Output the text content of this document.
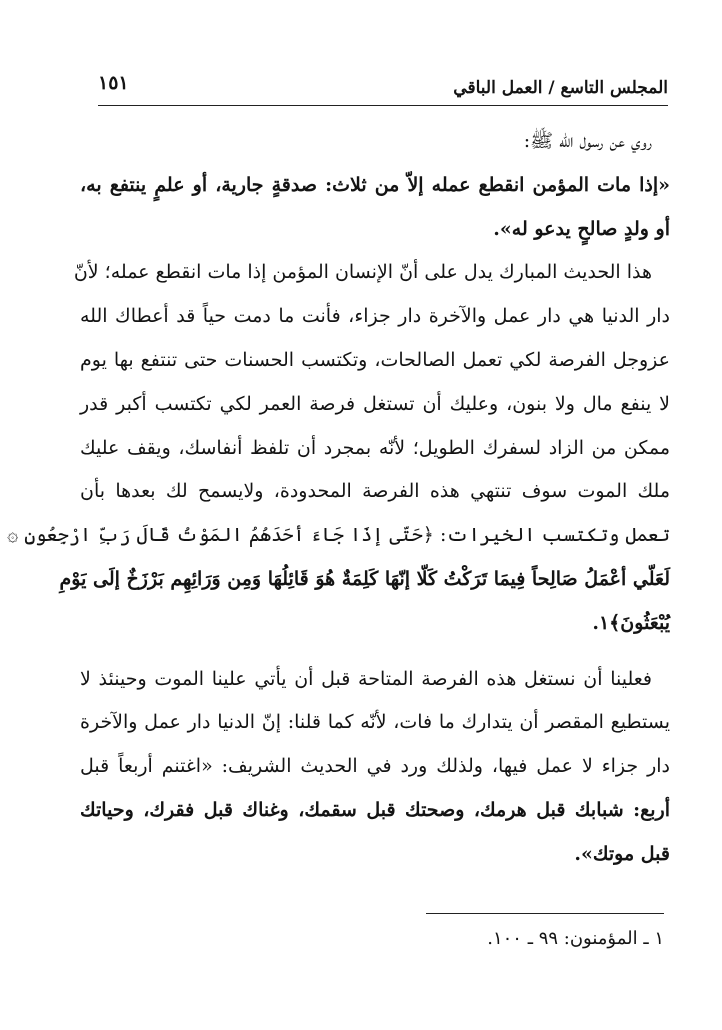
المجلس التاسع / العمل الباقي
١٥١
روي عن رسول الله ﷺ:
«إذا مات المؤمن انقطع عمله إلاّ من ثلاث: صدقةٍ جارية، أو علمٍ ينتفع به،
أو ولدٍ صالحٍ يدعو له».
هذا الحديث المبارك يدل على أنّ الإنسان المؤمن إذا مات انقطع عمله؛ لأنّ
دار الدنيا هي دار عمل والآخرة دار جزاء، فأنت ما دمت حياً قد أعطاك الله
عزوجل الفرصة لكي تعمل الصالحات، وتكتسب الحسنات حتى تنتفع بها يوم
لا ينفع مال ولا بنون، وعليك أن تستغل فرصة العمر لكي تكتسب أكبر قدر
ممكن من الزاد لسفرك الطويل؛ لأنّه بمجرد أن تلفظ أنفاسك، ويقف عليك
ملك الموت سوف تنتهي هذه الفرصة المحدودة، ولايسمح لك بعدها بأن
تعمل وتكتسب الخيرات: ﴿حَتّى إذَا جَاءَ أحَدَهُمُ المَوْتُ قَالَ رَبِّ ارْجِعُونِ ۞
لَعَلّي أعْمَلُ صَالِحاً فِيمَا تَرَكْتُ كَلّا إنّهَا كَلِمَةٌ هُوَ قَائِلُهَا وَمِن وَرَائِهِم بَرْزَخٌ إلَى يَوْمِ
يُبْعَثُونَ﴾١.
فعلينا أن نستغل هذه الفرصة المتاحة قبل أن يأتي علينا الموت وحينئذ لا
يستطيع المقصر أن يتدارك ما فات، لأنّه كما قلنا: إنّ الدنيا دار عمل والآخرة
دار جزاء لا عمل فيها، ولذلك ورد في الحديث الشريف: «اغتنم أربعاً قبل
أربع: شبابك قبل هرمك، وصحتك قبل سقمك، وغناك قبل فقرك، وحياتك
قبل موتك».
١ ـ المؤمنون: ٩٩ ـ ١٠٠.
